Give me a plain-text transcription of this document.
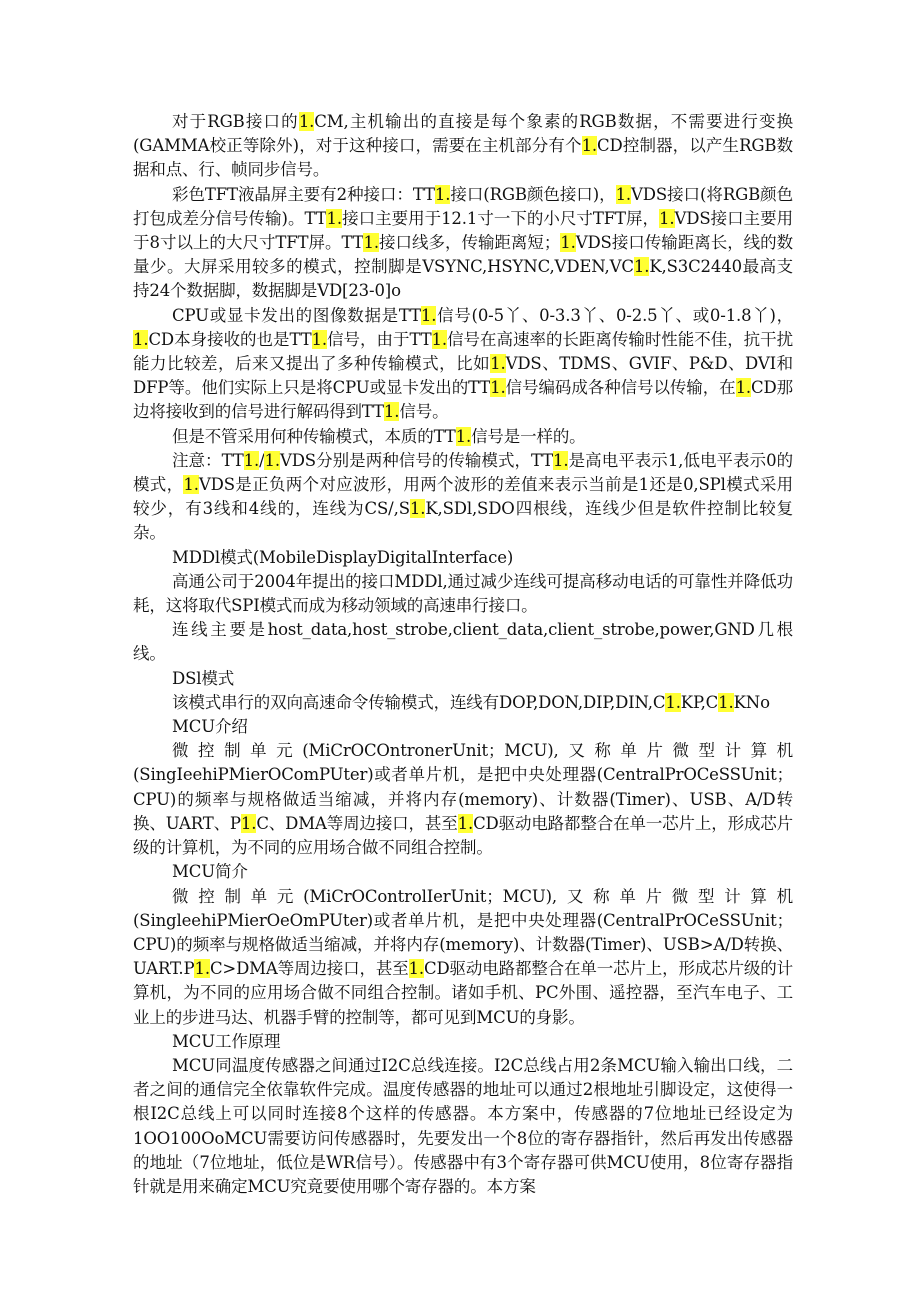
对于RGB接口的1.CM,主机输出的直接是每个象素的RGB数据，不需要进行变换(GAMMA校正等除外)，对于这种接口，需要在主机部分有个1.CD控制器，以产生RGB数据和点、行、帧同步信号。

彩色TFT液晶屏主要有2种接口：TT1.接口(RGB颜色接口)，1.VDS接口(将RGB颜色打包成差分信号传输)。TT1.接口主要用于12.1寸一下的小尺寸TFT屏，1.VDS接口主要用于8寸以上的大尺寸TFT屏。TT1.接口线多，传输距离短；1.VDS接口传输距离长，线的数量少。大屏采用较多的模式，控制脚是VSYNC,HSYNC,VDEN,VC1.K,S3C2440最高支持24个数据脚，数据脚是VD[23-0]o

CPU或显卡发出的图像数据是TT1.信号(0-5丫、0-3.3丫、0-2.5丫、或0-1.8丫)，1.CD本身接收的也是TT1.信号，由于TT1.信号在高速率的长距离传输时性能不佳，抗干扰能力比较差，后来又提出了多种传输模式，比如1.VDS、TDMS、GVIF、P&D、DVI和DFP等。他们实际上只是将CPU或显卡发出的TT1.信号编码成各种信号以传输，在1.CD那边将接收到的信号进行解码得到TT1.信号。

但是不管采用何种传输模式，本质的TT1.信号是一样的。

注意：TT1./1.VDS分别是两种信号的传输模式，TT1.是高电平表示1,低电平表示0的模式，1.VDS是正负两个对应波形，用两个波形的差值来表示当前是1还是0,SPl模式采用较少，有3线和4线的，连线为CS/,S1.K,SDl,SDO四根线，连线少但是软件控制比较复杂。

MDDl模式(MobileDisplayDigitalInterface)

高通公司于2004年提出的接口MDDl,通过减少连线可提高移动电话的可靠性并降低功耗，这将取代SPI模式而成为移动领域的高速串行接口。

连线主要是host_data,host_strobe,client_data,client_strobe,power,GND几根线。

DSl模式

该模式串行的双向高速命令传输模式，连线有DOP,DON,DIP,DIN,C1.KP,C1.KNo

MCU介绍

微控制单元(MiCrOCOntronerUnit；MCU),又称单片微型计算机(SingIeehiPMierOComPUter)或者单片机，是把中央处理器(CentralPrOCeSSUnit；CPU)的频率与规格做适当缩减，并将内存(memory)、计数器(Timer)、USB、A/D转换、UART、P1.C、DMA等周边接口，甚至1.CD驱动电路都整合在单一芯片上，形成芯片级的计算机，为不同的应用场合做不同组合控制。

MCU简介

微控制单元(MiCrOControlIerUnit；MCU),又称单片微型计算机(SingleehiPMierOeOmPUter)或者单片机，是把中央处理器(CentralPrOCeSSUnit；CPU)的频率与规格做适当缩减，并将内存(memory)、计数器(Timer)、USB>A/D转换、UART.P1.C>DMA等周边接口，甚至1.CD驱动电路都整合在单一芯片上，形成芯片级的计算机，为不同的应用场合做不同组合控制。诸如手机、PC外围、遥控器，至汽车电子、工业上的步进马达、机器手臂的控制等，都可见到MCU的身影。

MCU工作原理

MCU同温度传感器之间通过I2C总线连接。I2C总线占用2条MCU输入输出口线，二者之间的通信完全依靠软件完成。温度传感器的地址可以通过2根地址引脚设定，这使得一根I2C总线上可以同时连接8个这样的传感器。本方案中，传感器的7位地址已经设定为1OO100OoMCU需要访问传感器时，先要发出一个8位的寄存器指针，然后再发出传感器的地址（7位地址，低位是WR信号）。传感器中有3个寄存器可供MCU使用，8位寄存器指针就是用来确定MCU究竟要使用哪个寄存器的。本方案
